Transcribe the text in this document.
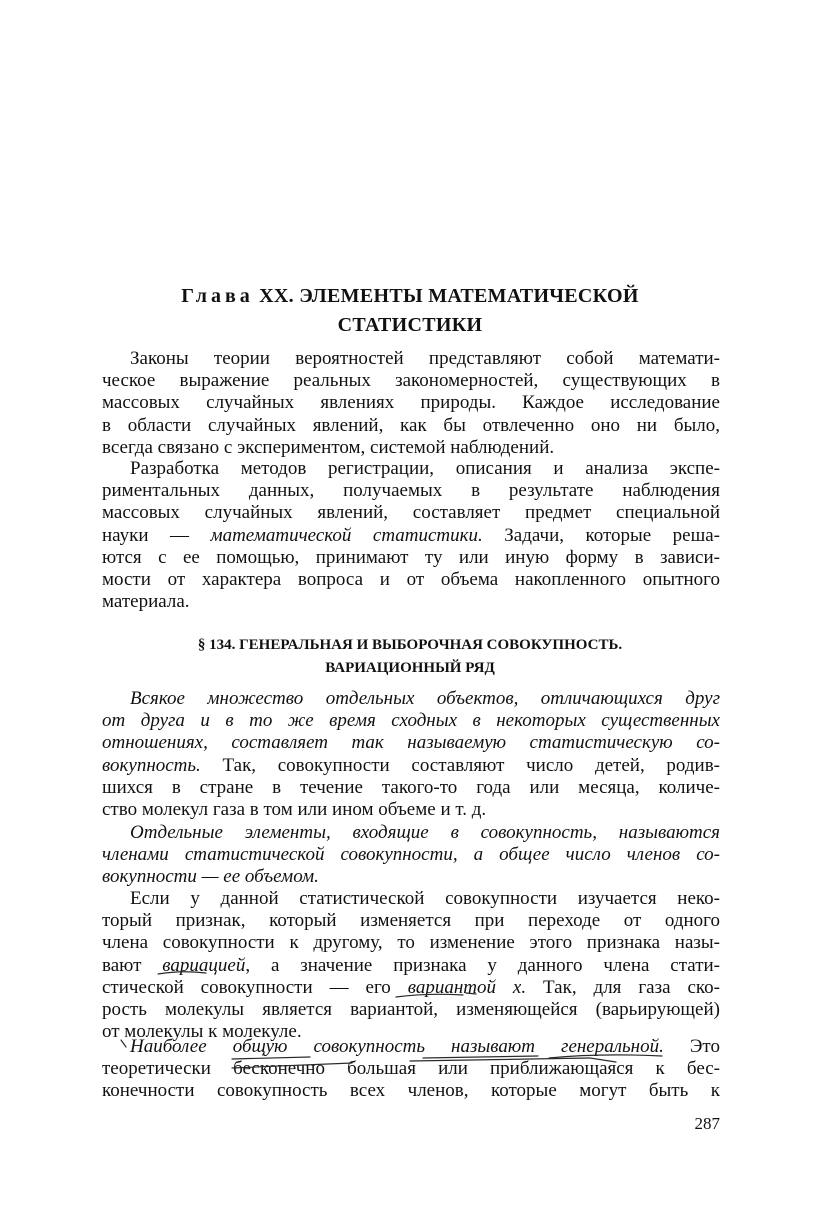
Глава XX. ЭЛЕМЕНТЫ МАТЕМАТИЧЕСКОЙ
СТАТИСТИКИ

Законы теории вероятностей представляют собой математи-
ческое выражение реальных закономерностей, существующих в
массовых случайных явлениях природы. Каждое исследование
в области случайных явлений, как бы отвлеченно оно ни было,
всегда связано с экспериментом, системой наблюдений.

Разработка методов регистрации, описания и анализа экспе-
риментальных данных, получаемых в результате наблюдения
массовых случайных явлений, составляет предмет специальной
науки — математической статистики. Задачи, которые реша-
ются с ее помощью, принимают ту или иную форму в зависи-
мости от характера вопроса и от объема накопленного опытного
материала.

§ 134. ГЕНЕРАЛЬНАЯ И ВЫБОРОЧНАЯ СОВОКУПНОСТЬ.
ВАРИАЦИОННЫЙ РЯД

Всякое множество отдельных объектов, отличающихся друг
от друга и в то же время сходных в некоторых существенных
отношениях, составляет так называемую статистическую со-
вокупность. Так, совокупности составляют число детей, родив-
шихся в стране в течение такого-то года или месяца, количе-
ство молекул газа в том или ином объеме и т. д.

Отдельные элементы, входящие в совокупность, называются
членами статистической совокупности, а общее число членов со-
вокупности — ее объемом.

Если у данной статистической совокупности изучается неко-
торый признак, который изменяется при переходе от одного
члена совокупности к другому, то изменение этого признака назы-
вают вариацией, а значение признака у данного члена стати-
стической совокупности — его вариантой х. Так, для газа ско-
рость молекулы является вариантой, изменяющейся (варьирующей)
от молекулы к молекуле.

Наиболее общую совокупность называют генеральной. Это
теоретически бесконечно большая или приближающаяся к бес-
конечности совокупность всех членов, которые могут быть к

287
